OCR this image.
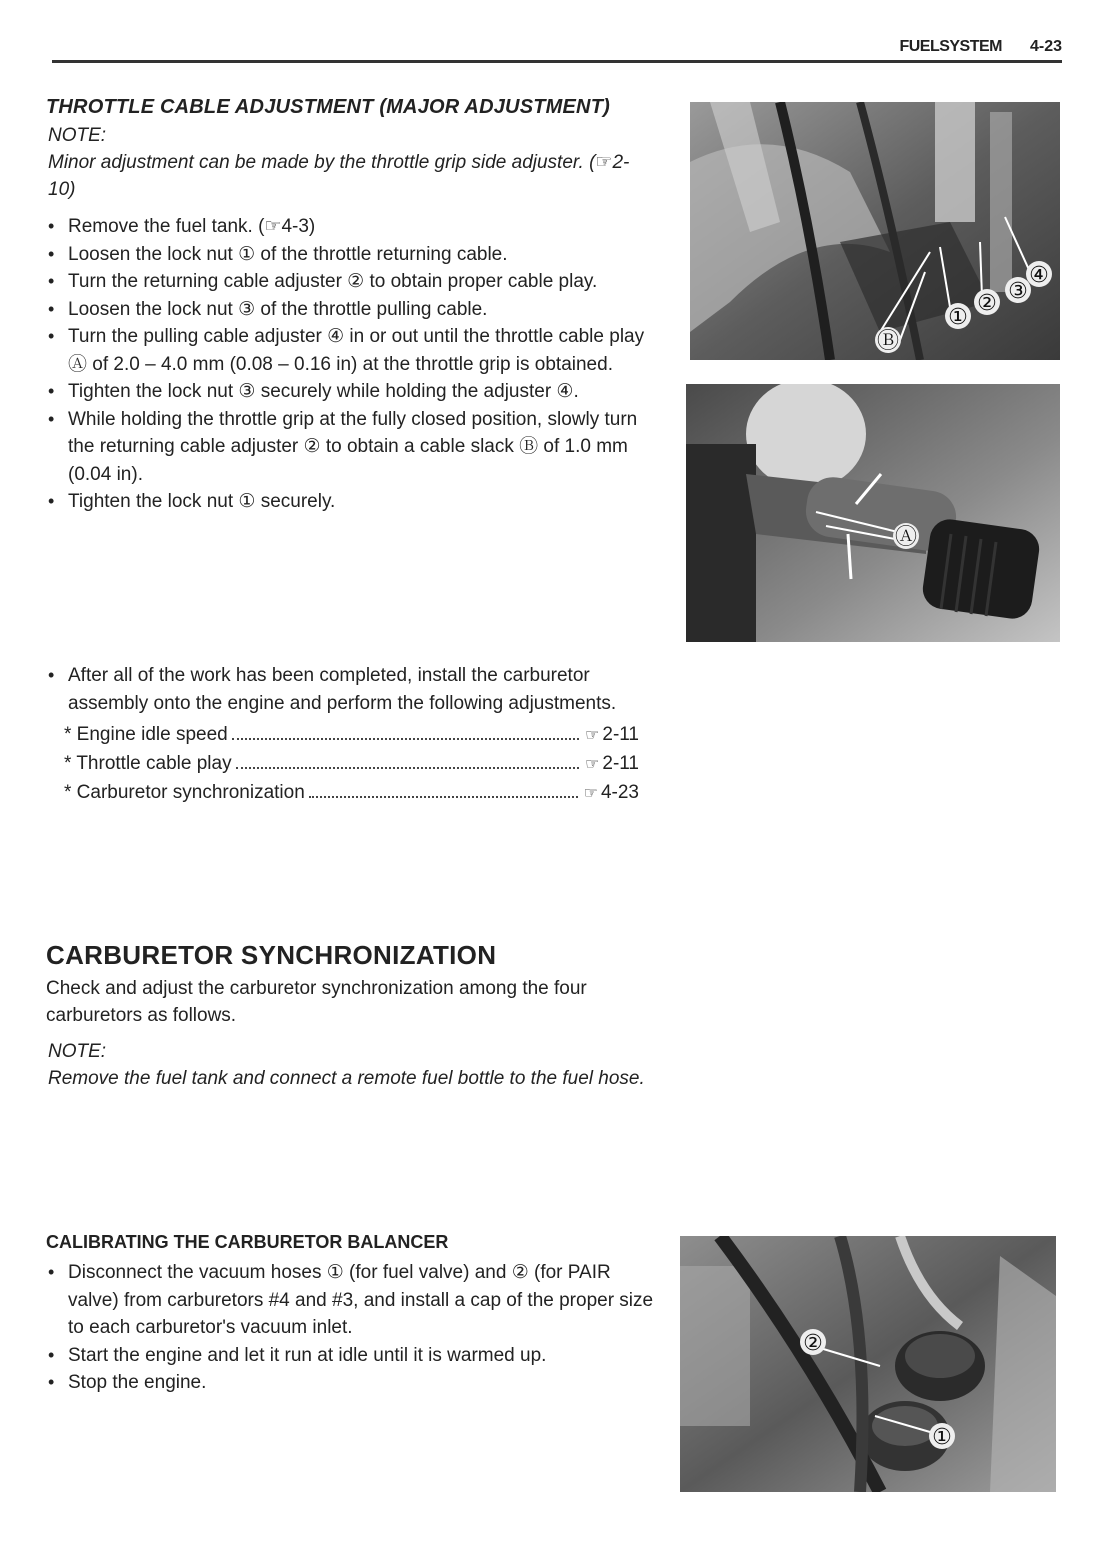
FUELSYSTEM 4-23
THROTTLE CABLE ADJUSTMENT (MAJOR ADJUSTMENT)
NOTE:
Minor adjustment can be made by the throttle grip side adjuster. (☞2-10)
• Remove the fuel tank. (☞4-3)
• Loosen the lock nut ① of the throttle returning cable.
• Turn the returning cable adjuster ② to obtain proper cable play.
• Loosen the lock nut ③ of the throttle pulling cable.
• Turn the pulling cable adjuster ④ in or out until the throttle cable play Ⓐ of 2.0 – 4.0 mm (0.08 – 0.16 in) at the throttle grip is obtained.
• Tighten the lock nut ③ securely while holding the adjuster ④.
• While holding the throttle grip at the fully closed position, slowly turn the returning cable adjuster ② to obtain a cable slack Ⓑ of 1.0 mm (0.04 in).
• Tighten the lock nut ① securely.
• After all of the work has been completed, install the carburetor assembly onto the engine and perform the following adjustments.
* Engine idle speed	☞ 2-11
* Throttle cable play	☞ 2-11
* Carburetor synchronization	☞ 4-23
CARBURETOR SYNCHRONIZATION

Check and adjust the carburetor synchronization among the four carburetors as follows.

NOTE:
Remove the fuel tank and connect a remote fuel bottle to the fuel hose.
CALIBRATING THE CARBURETOR BALANCER
• Disconnect the vacuum hoses ① (for fuel valve) and ② (for PAIR valve) from carburetors #4 and #3, and install a cap of the proper size to each carburetor's vacuum inlet.
• Start the engine and let it run at idle until it is warmed up.
• Stop the engine.
④
③
②
①
Ⓑ
Ⓐ
②
①
